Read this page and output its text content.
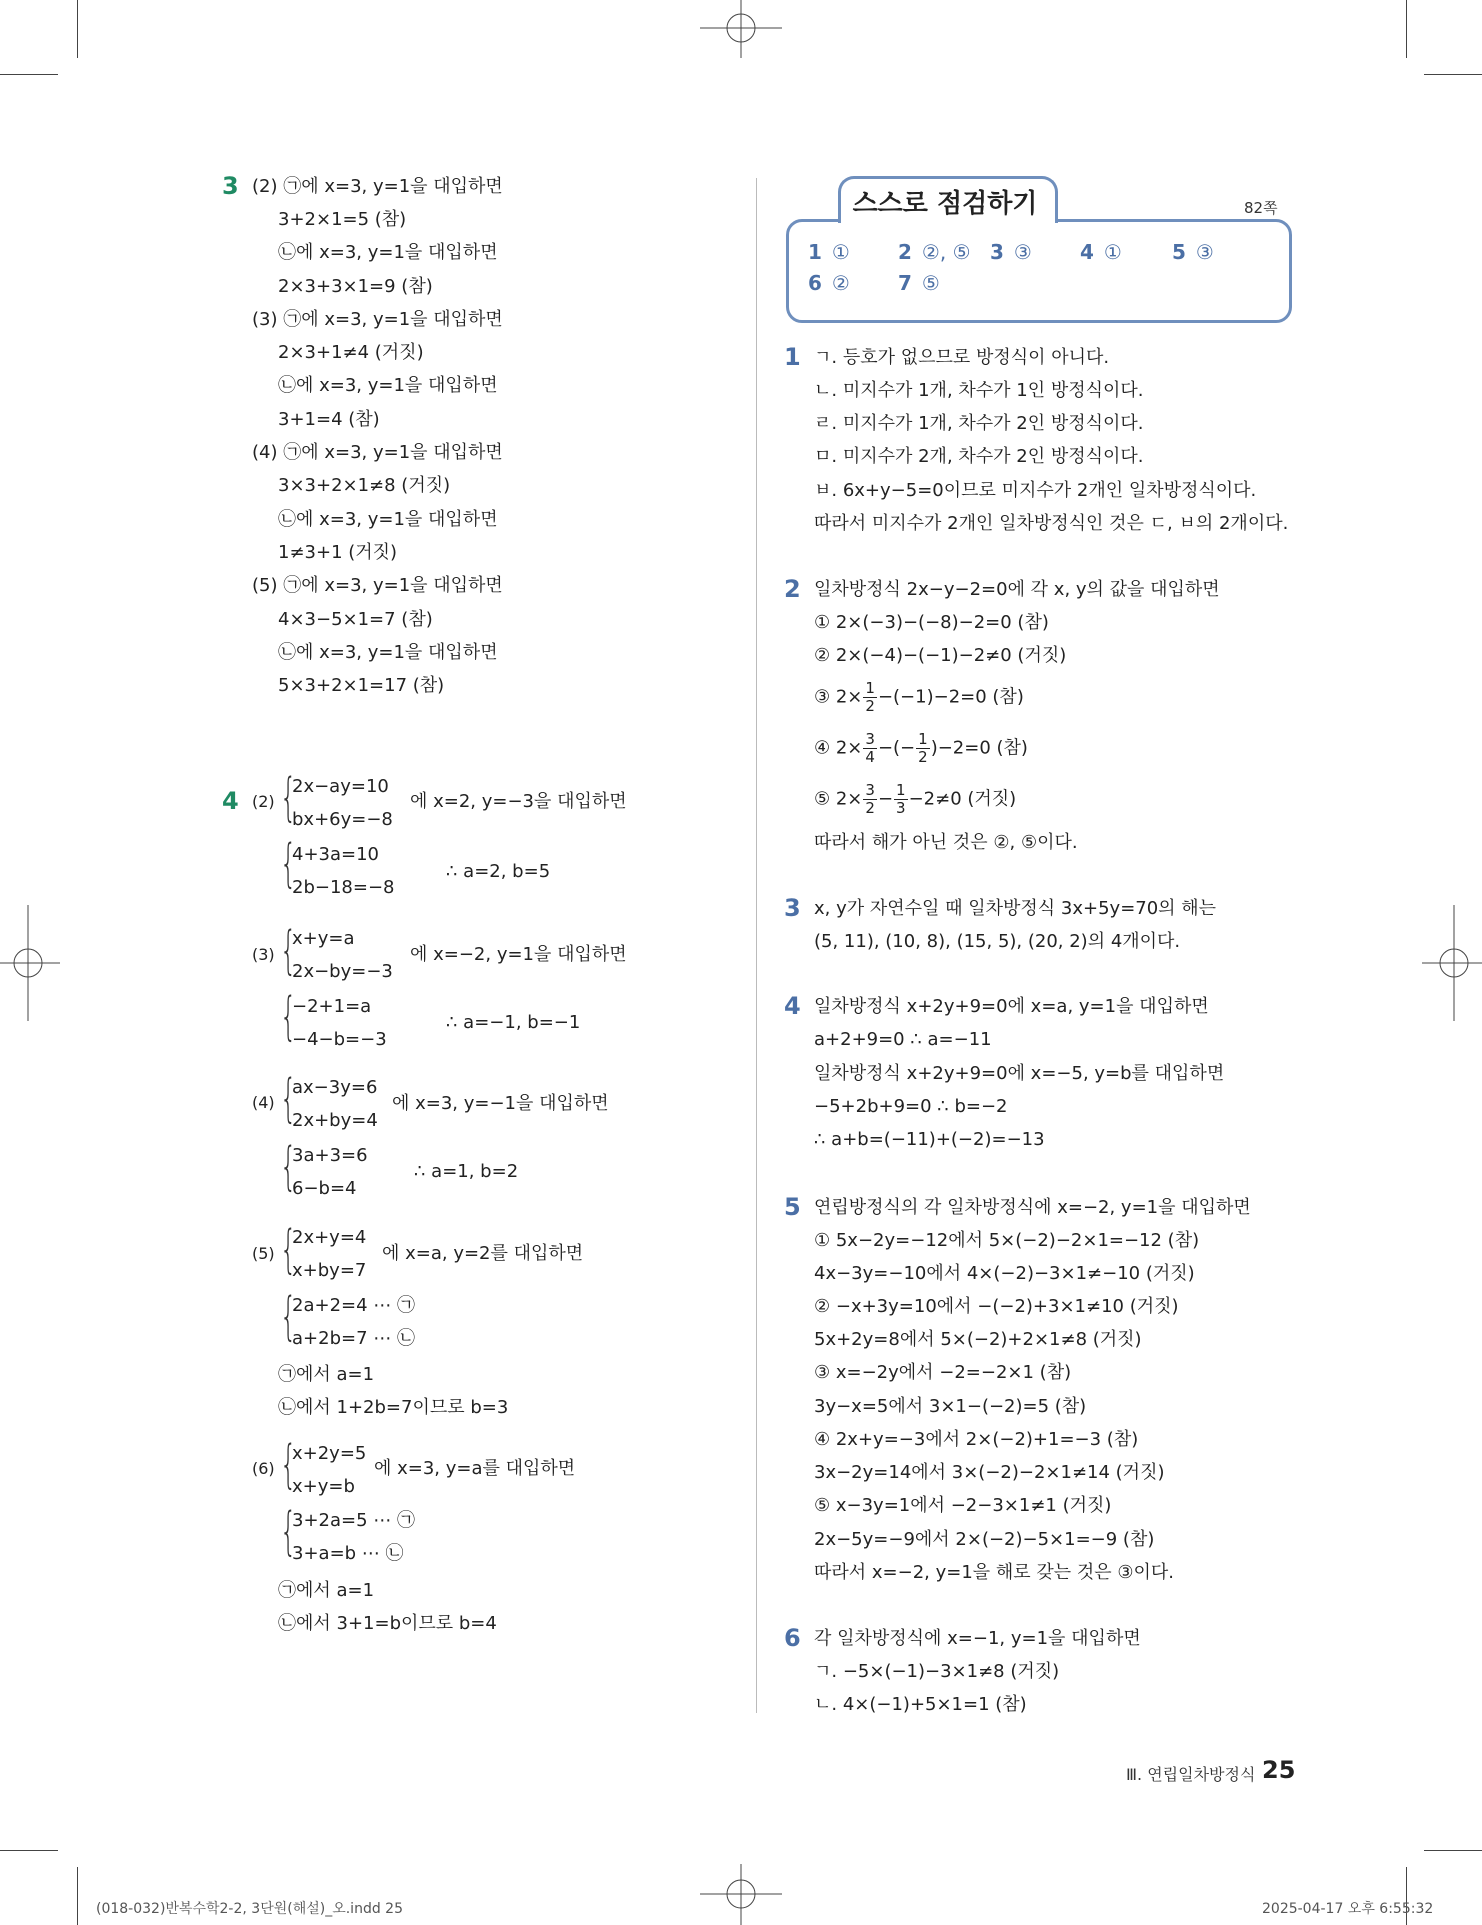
3 (2) ㉠에 x=3, y=1을 대입하면
3+2×1=5 (참)
㉡에 x=3, y=1을 대입하면
2×3+3×1=9 (참)
(3) ㉠에 x=3, y=1을 대입하면
2×3+1≠4 (거짓)
㉡에 x=3, y=1을 대입하면
3+1=4 (참)
(4) ㉠에 x=3, y=1을 대입하면
3×3+2×1≠8 (거짓)
㉡에 x=3, y=1을 대입하면
1≠3+1 (거짓)
(5) ㉠에 x=3, y=1을 대입하면
4×3−5×1=7 (참)
㉡에 x=3, y=1을 대입하면
5×3+2×1=17 (참)
4 (2) {
2x−ay=10
bx+6y=−8
에 x=2, y=−3을 대입하면
{
4+3a=10
2b−18=−8
∴ a=2, b=5
(3) {
x+y=a
2x−by=−3
에 x=−2, y=1을 대입하면
{
−2+1=a
−4−b=−3
∴ a=−1, b=−1
(4) {
ax−3y=6
2x+by=4
에 x=3, y=−1을 대입하면
{
3a+3=6
6−b=4
∴ a=1, b=2
(5) {
2x+y=4
x+by=7
에 x=a, y=2를 대입하면
{
2a+2=4 ⋯ ㉠
a+2b=7 ⋯ ㉡
㉠에서 a=1
㉡에서 1+2b=7이므로 b=3
(6) {
x+2y=5
x+y=b
에 x=3, y=a를 대입하면
{
3+2a=5 ⋯ ㉠
3+a=b ⋯ ㉡
㉠에서 a=1
㉡에서 3+1=b이므로 b=4
스스로 점검하기	82쪽
1 ① 2 ②, ⑤ 3 ③ 4 ①	5 ③
6 ② 7 ⑤
1 ㄱ. 등호가 없으므로 방정식이 아니다.
ㄴ. 미지수가 1개, 차수가 1인 방정식이다.
ㄹ. 미지수가 1개, 차수가 2인 방정식이다.
ㅁ. 미지수가 2개, 차수가 2인 방정식이다.
ㅂ. 6x+y−5=0이므로 미지수가 2개인 일차방정식이다.
따라서 미지수가 2개인 일차방정식인 것은 ㄷ, ㅂ의 2개이다.
2 일차방정식 2x−y−2=0에 각 x, y의 값을 대입하면
① 2×(−3)−(−8)−2=0 (참)
② 2×(−4)−(−1)−2≠0 (거짓)
③ $2\times \frac{1}{2} -(-1)-2=0$ (참)
④ $2\times \frac{3}{4}$ −(− $\frac{1}{2} )-2=0$ (참)
⑤ $2\times \frac{3}{2} - \frac{1}{3} -2\ne 0$ (거짓)
따라서 해가 아닌 것은 ②, ⑤이다.
3 x, y가 자연수일 때 일차방정식 3x+5y=70의 해는
(5, 11), (10, 8), (15, 5), (20, 2)의 4개이다.
4 일차방정식 x+2y+9=0에 x=a, y=1을 대입하면
a+2+9=0 ∴ a=−11
일차방정식 x+2y+9=0에 x=−5, y=b를 대입하면
−5+2b+9=0 ∴ b=−2
∴ a+b=(−11)+(−2)=−13
5 연립방정식의 각 일차방정식에 x=−2, y=1을 대입하면
① 5x−2y=−12에서 5×(−2)−2×1=−12 (참)
4x−3y=−10에서 4×(−2)−3×1≠−10 (거짓)
② −x+3y=10에서 −(−2)+3×1≠10 (거짓)
5x+2y=8에서 5×(−2)+2×1≠8 (거짓)
③ x=−2y에서 −2=−2×1 (참)
3y−x=5에서 3×1−(−2)=5 (참)
④ 2x+y=−3에서 2×(−2)+1=−3 (참)
3x−2y=14에서 3×(−2)−2×1≠14 (거짓)
⑤ x−3y=1에서 −2−3×1≠1 (거짓)
2x−5y=−9에서 2×(−2)−5×1=−9 (참)
따라서 x=−2, y=1을 해로 갖는 것은 ③이다.
6 각 일차방정식에 x=−1, y=1을 대입하면
ㄱ. −5×(−1)−3×1≠8 (거짓)
ㄴ. 4×(−1)+5×1=1 (참)
Ⅲ. 연립일차방정식 25
(018-032)반복수학2-2, 3단원(해설)_오.indd 25	2025-04-17 오후 6:55:32
